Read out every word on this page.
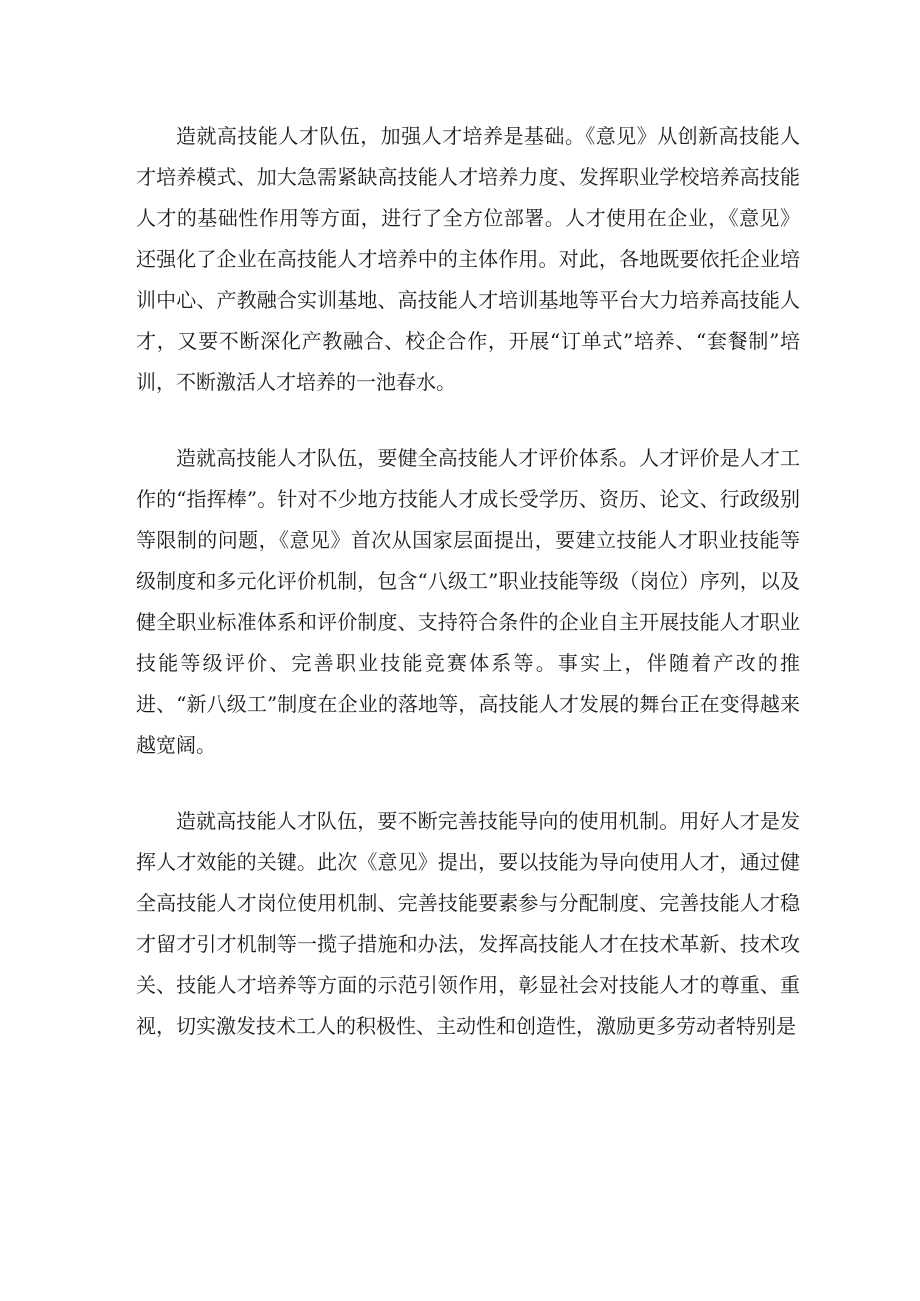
造就高技能人才队伍，加强人才培养是基础。《意见》从创新高技能人才培养模式、加大急需紧缺高技能人才培养力度、发挥职业学校培养高技能人才的基础性作用等方面，进行了全方位部署。人才使用在企业，《意见》还强化了企业在高技能人才培养中的主体作用。对此，各地既要依托企业培训中心、产教融合实训基地、高技能人才培训基地等平台大力培养高技能人才，又要不断深化产教融合、校企合作，开展“订单式”培养、“套餐制”培训，不断激活人才培养的一池春水。

造就高技能人才队伍，要健全高技能人才评价体系。人才评价是人才工作的“指挥棒”。针对不少地方技能人才成长受学历、资历、论文、行政级别等限制的问题，《意见》首次从国家层面提出，要建立技能人才职业技能等级制度和多元化评价机制，包含“八级工”职业技能等级（岗位）序列，以及健全职业标准体系和评价制度、支持符合条件的企业自主开展技能人才职业技能等级评价、完善职业技能竞赛体系等。事实上，伴随着产改的推进、“新八级工”制度在企业的落地等，高技能人才发展的舞台正在变得越来越宽阔。

造就高技能人才队伍，要不断完善技能导向的使用机制。用好人才是发挥人才效能的关键。此次《意见》提出，要以技能为导向使用人才，通过健全高技能人才岗位使用机制、完善技能要素参与分配制度、完善技能人才稳才留才引才机制等一揽子措施和办法，发挥高技能人才在技术革新、技术攻关、技能人才培养等方面的示范引领作用，彰显社会对技能人才的尊重、重视，切实激发技术工人的积极性、主动性和创造性，激励更多劳动者特别是
